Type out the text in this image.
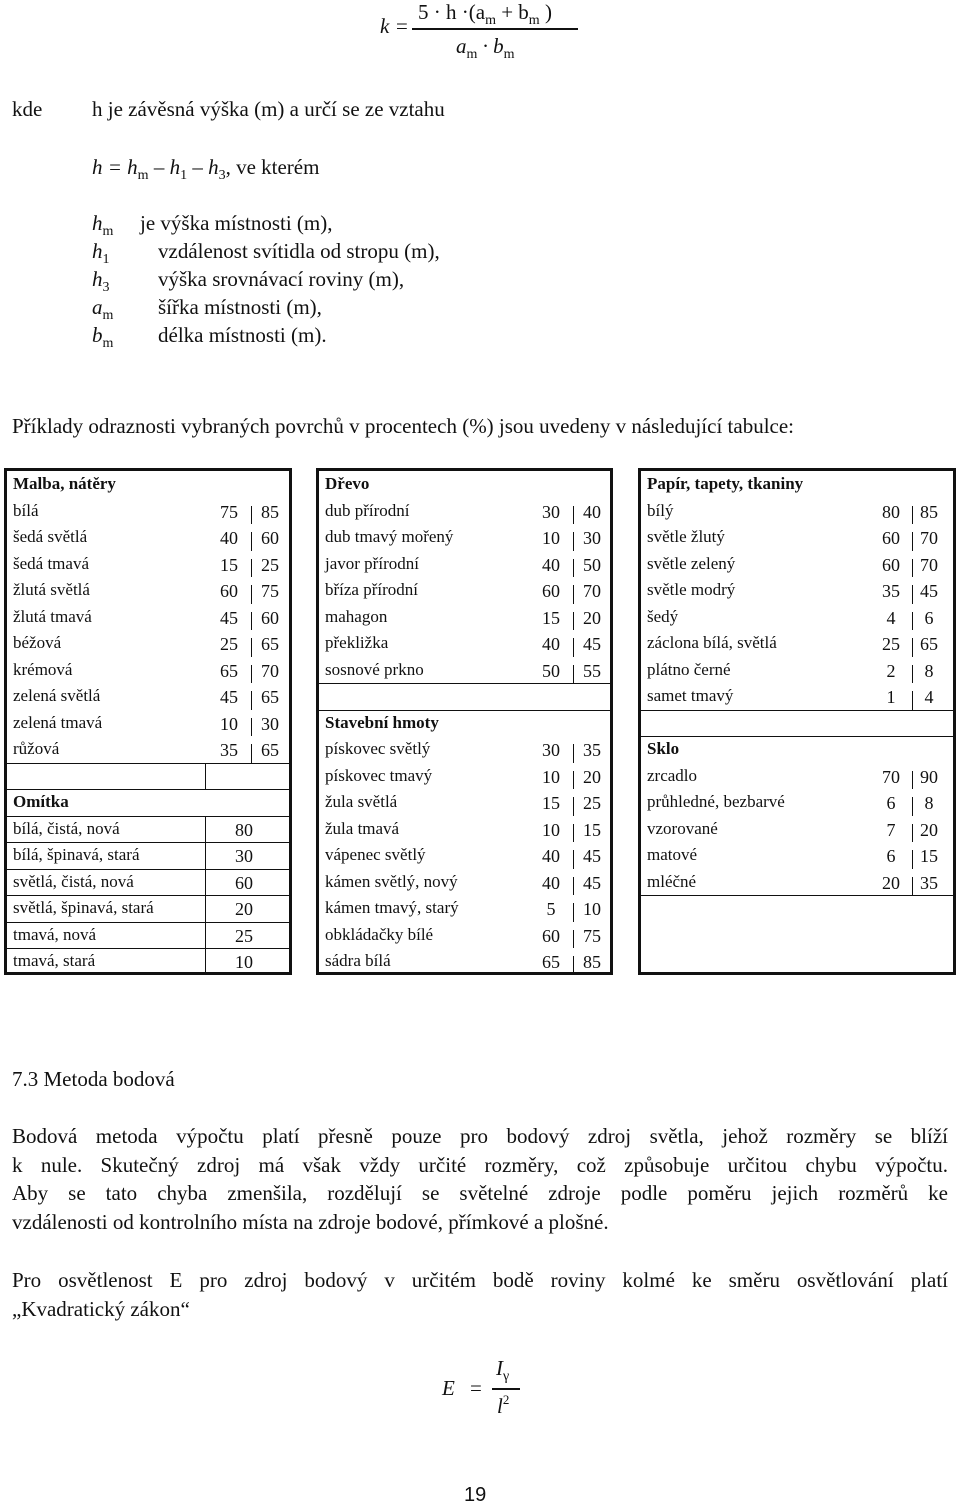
k =
$5 \cdot h \cdot(a_m + b_m$ )
$a_m \cdot b_m$
kde h je závěsná výška (m) a určí se ze vztahu
$h = h_m - h_1 - h_3$, ve kterém
$h_m$ je výška místnosti (m),
$h_1$ vzdálenost svítidla od stropu (m),
$h_3$ výška srovnávací roviny (m),
$a_m$ šířka místnosti (m),
$b_m$ délka místnosti (m).
Příklady odraznosti vybraných povrchů v procentech (%) jsou uvedeny v následující tabulce:
Malba, nátěry
bílá	75	85
šedá světlá	40	60
šedá tmavá	15	25
žlutá světlá	60	75
žlutá tmavá	45	60
béžová	25	65
krémová	65	70
zelená světlá	45	65
zelená tmavá	10	30
růžová	35	65
Omítka
bílá, čistá, nová	80
bílá, špinavá, stará	30
světlá, čistá, nová	60
světlá, špinavá, stará	20
tmavá, nová	25
tmavá, stará	10
Dřevo
dub přírodní	30	40
dub tmavý mořený	10	30
javor přírodní	40	50
bříza přírodní	60	70
mahagon	15	20
překližka	40	45
sosnové prkno	50	55
Stavební hmoty
pískovec světlý	30	35
pískovec tmavý	10	20
žula světlá	15	25
žula tmavá	10	15
vápenec světlý	40	45
kámen světlý, nový	40	45
kámen tmavý, starý	5	10
obkládačky bílé	60	75
sádra bílá	65	85
Papír, tapety, tkaniny
bílý	80	85
světle žlutý	60	70
světle zelený	60	70
světle modrý	35	45
šedý	4	6
záclona bílá, světlá	25	65
plátno černé	2	8
samet tmavý	1	4
Sklo
zrcadlo	70	90
průhledné, bezbarvé	6	8
vzorované	7	20
matové	6	15
mléčné	20	35
7.3 Metoda bodová
Bodová metoda výpočtu platí přesně pouze pro bodový zdroj světla, jehož rozměry se blíží
k nule. Skutečný zdroj má však vždy určité rozměry, což způsobuje určitou chybu výpočtu.
Aby se tato chyba zmenšila, rozdělují se světelné zdroje podle poměru jejich rozměrů ke
vzdálenosti od kontrolního místa na zdroje bodové, přímkové a plošné.
Pro osvětlenost E pro zdroj bodový v určitém bodě roviny kolmé ke směru osvětlování platí
„Kvadratický zákon“
E =
$I_\gamma$
$l^2$
19
